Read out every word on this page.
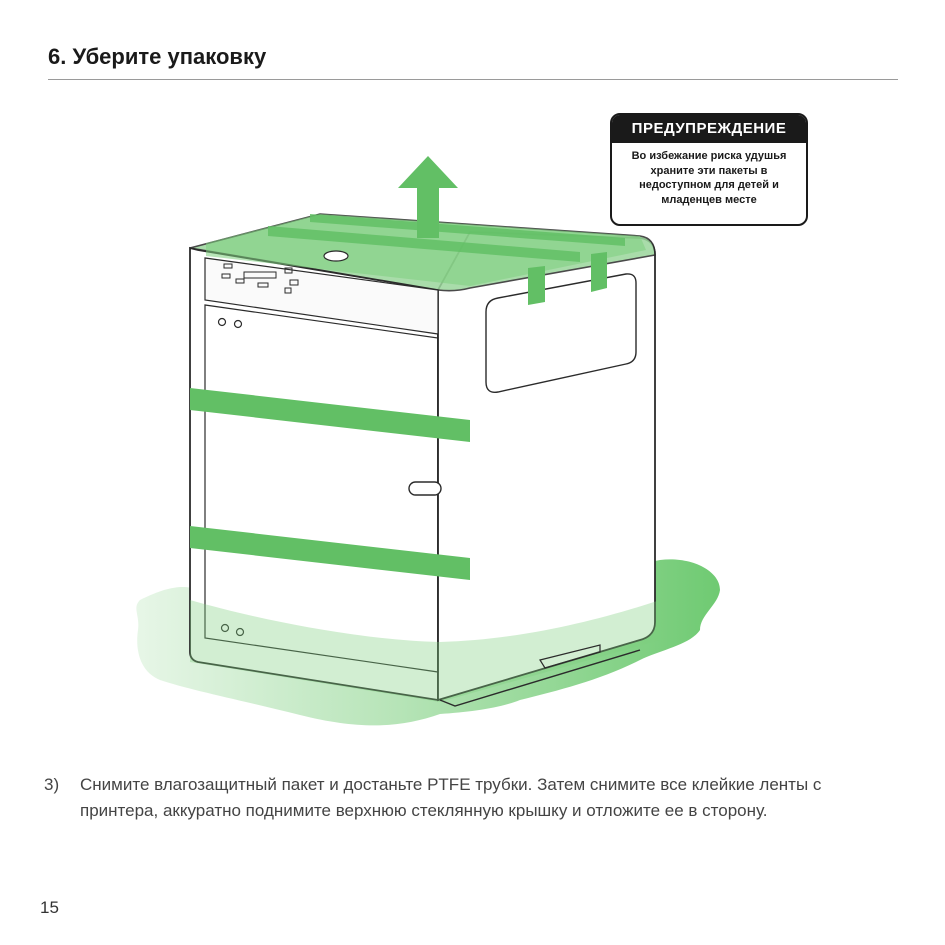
6. Уберите упаковку
ПРЕДУПРЕЖДЕНИЕ
Во избежание риска удушья храните эти пакеты в недоступном для детей и младенцев месте
3) Снимите влагозащитный пакет и достаньте PTFE трубки. Затем снимите все клейкие ленты с принтера, аккуратно поднимите верхнюю стеклянную крышку и отложите ее в сторону.
15
